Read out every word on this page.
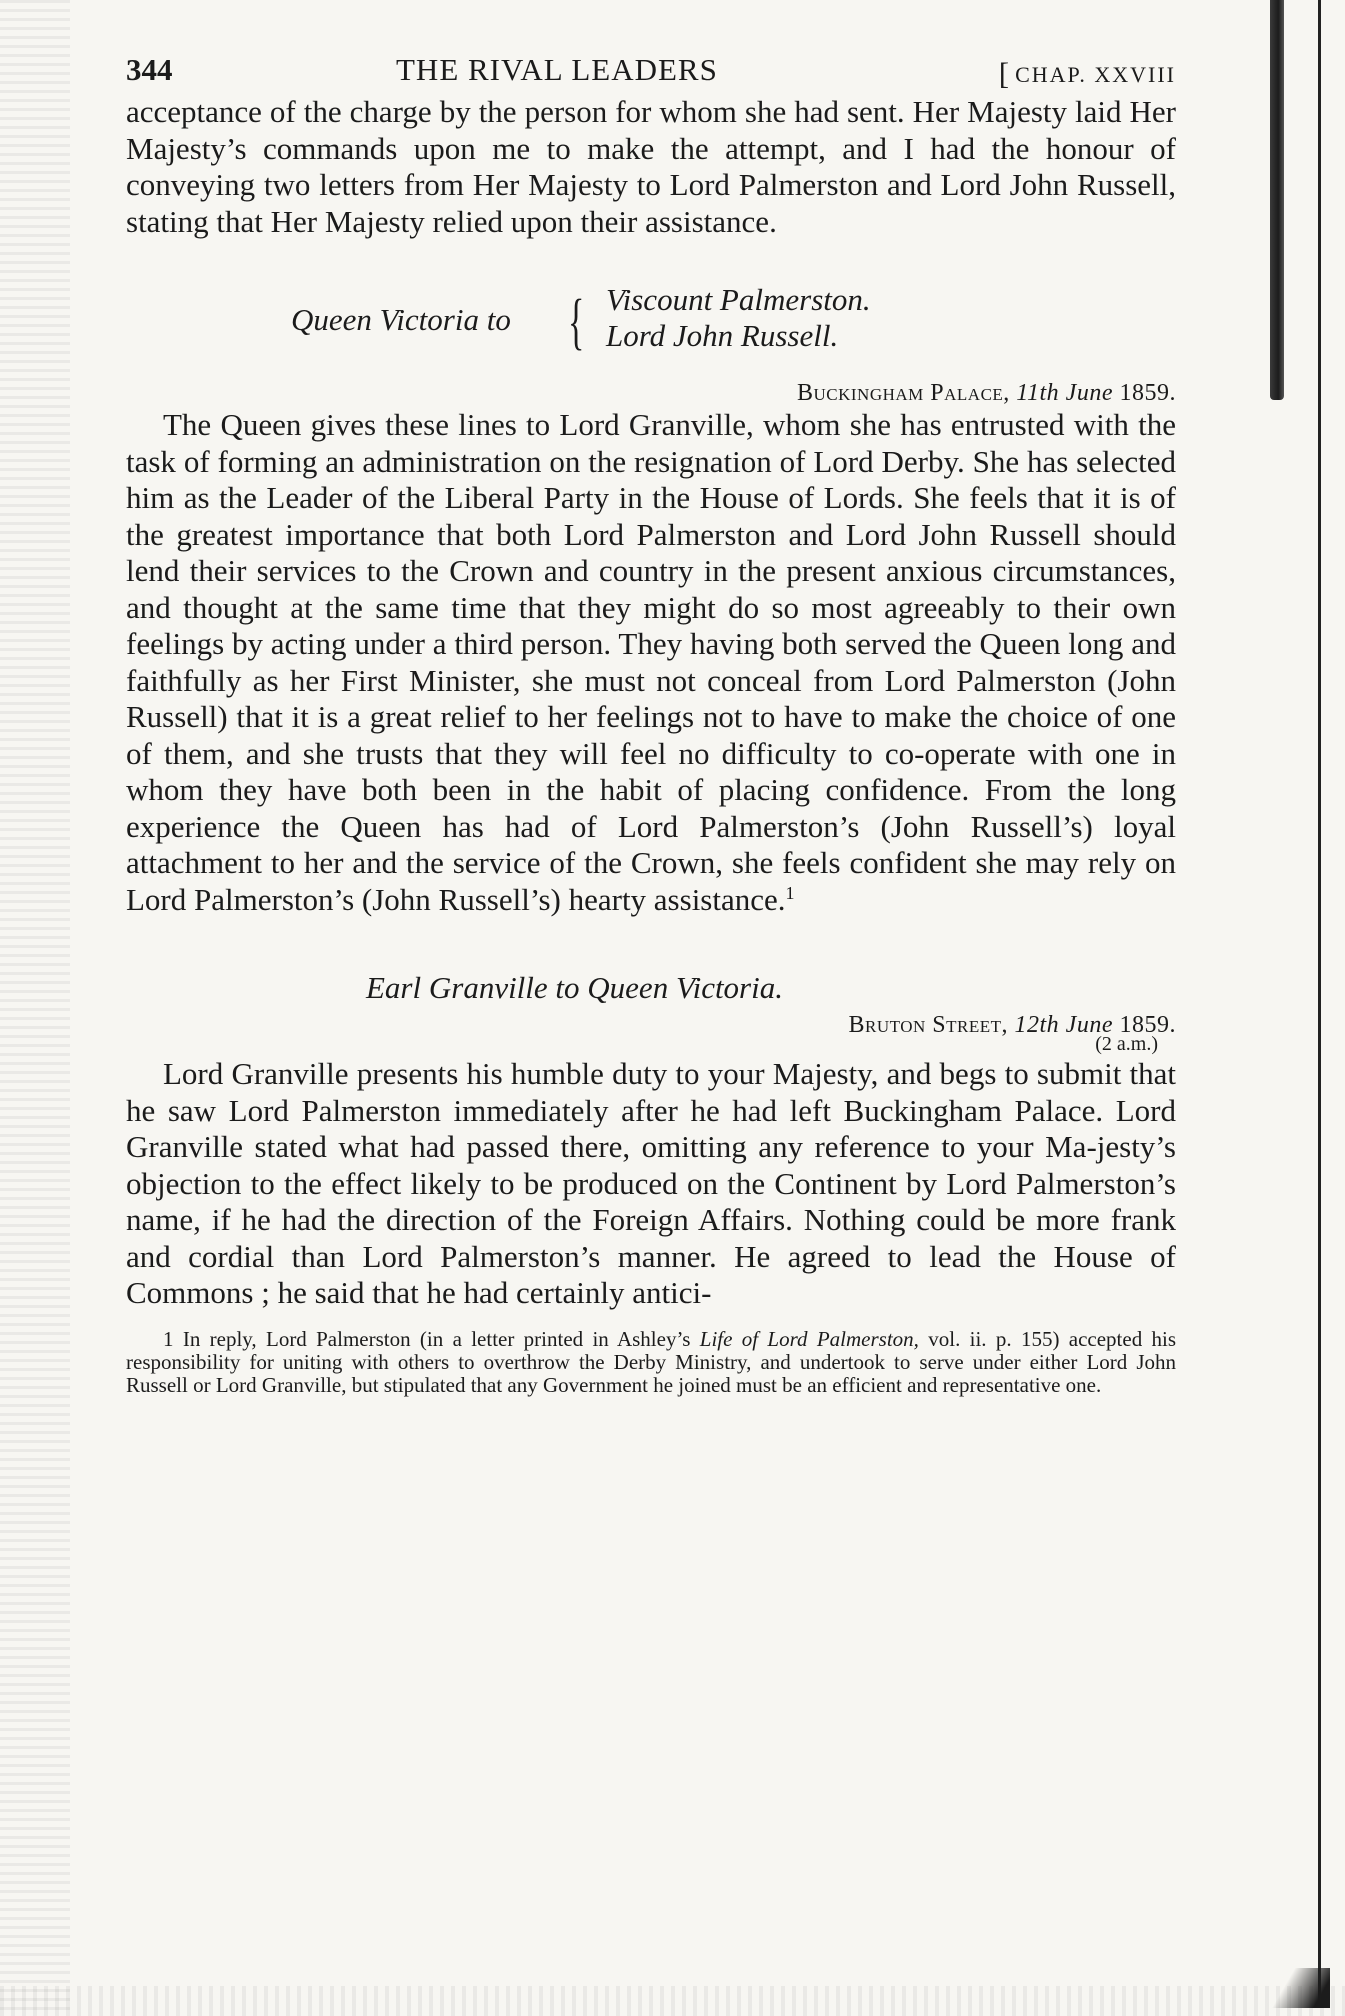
344	THE RIVAL LEADERS
[	CHAP. XXVIII

acceptance of the charge by the person for whom she had sent. Her Majesty laid Her Majesty’s commands upon me to make the attempt, and I had the honour of conveying two letters from Her Majesty to Lord Palmerston and Lord John Russell, stating that Her Majesty relied upon their assistance.

Queen Victoria to { Viscount Palmerston.
Lord John Russell.
Buckingham Palace, 11th June 1859.

The Queen gives these lines to Lord Granville, whom she has entrusted with the task of forming an administration on the resignation of Lord Derby. She has selected him as the Leader of the Liberal Party in the House of Lords. She feels that it is of the greatest importance that both Lord Palmerston and Lord John Russell should lend their services to the Crown and country in the present anxious circumstances, and thought at the same time that they might do so most agreeably to their own feelings by acting under a third person. They having both served the Queen long and faithfully as her First Minister, she must not conceal from Lord Palmerston (John Russell) that it is a great relief to her feelings not to have to make the choice of one of them, and she trusts that they will feel no difficulty to co-operate with one in whom they have both been in the habit of placing confidence. From the long experience the Queen has had of Lord Palmerston’s (John Russell’s) loyal attachment to her and the service of the Crown, she feels confident she may rely on Lord Palmerston’s (John Russell’s) hearty assistance.$^1$

Earl Granville to Queen Victoria.
Bruton Street, 12th June 1859.
(2 a.m.)

Lord Granville presents his humble duty to your Majesty, and begs to submit that he saw Lord Palmerston immediately after he had left Buckingham Palace. Lord Granville stated what had passed there, omitting any reference to your Ma-jesty’s objection to the effect likely to be produced on the Continent by Lord Palmerston’s name, if he had the direction of the Foreign Affairs. Nothing could be more frank and cordial than Lord Palmerston’s manner. He agreed to lead the House of Commons ; he said that he had certainly antici-

1 In reply, Lord Palmerston (in a letter printed in Ashley’s Life of Lord Palmerston, vol. ii. p. 155) accepted his responsibility for uniting with others to overthrow the Derby Ministry, and undertook to serve under either Lord John Russell or Lord Granville, but stipulated that any Government he joined must be an efficient and representative one.
